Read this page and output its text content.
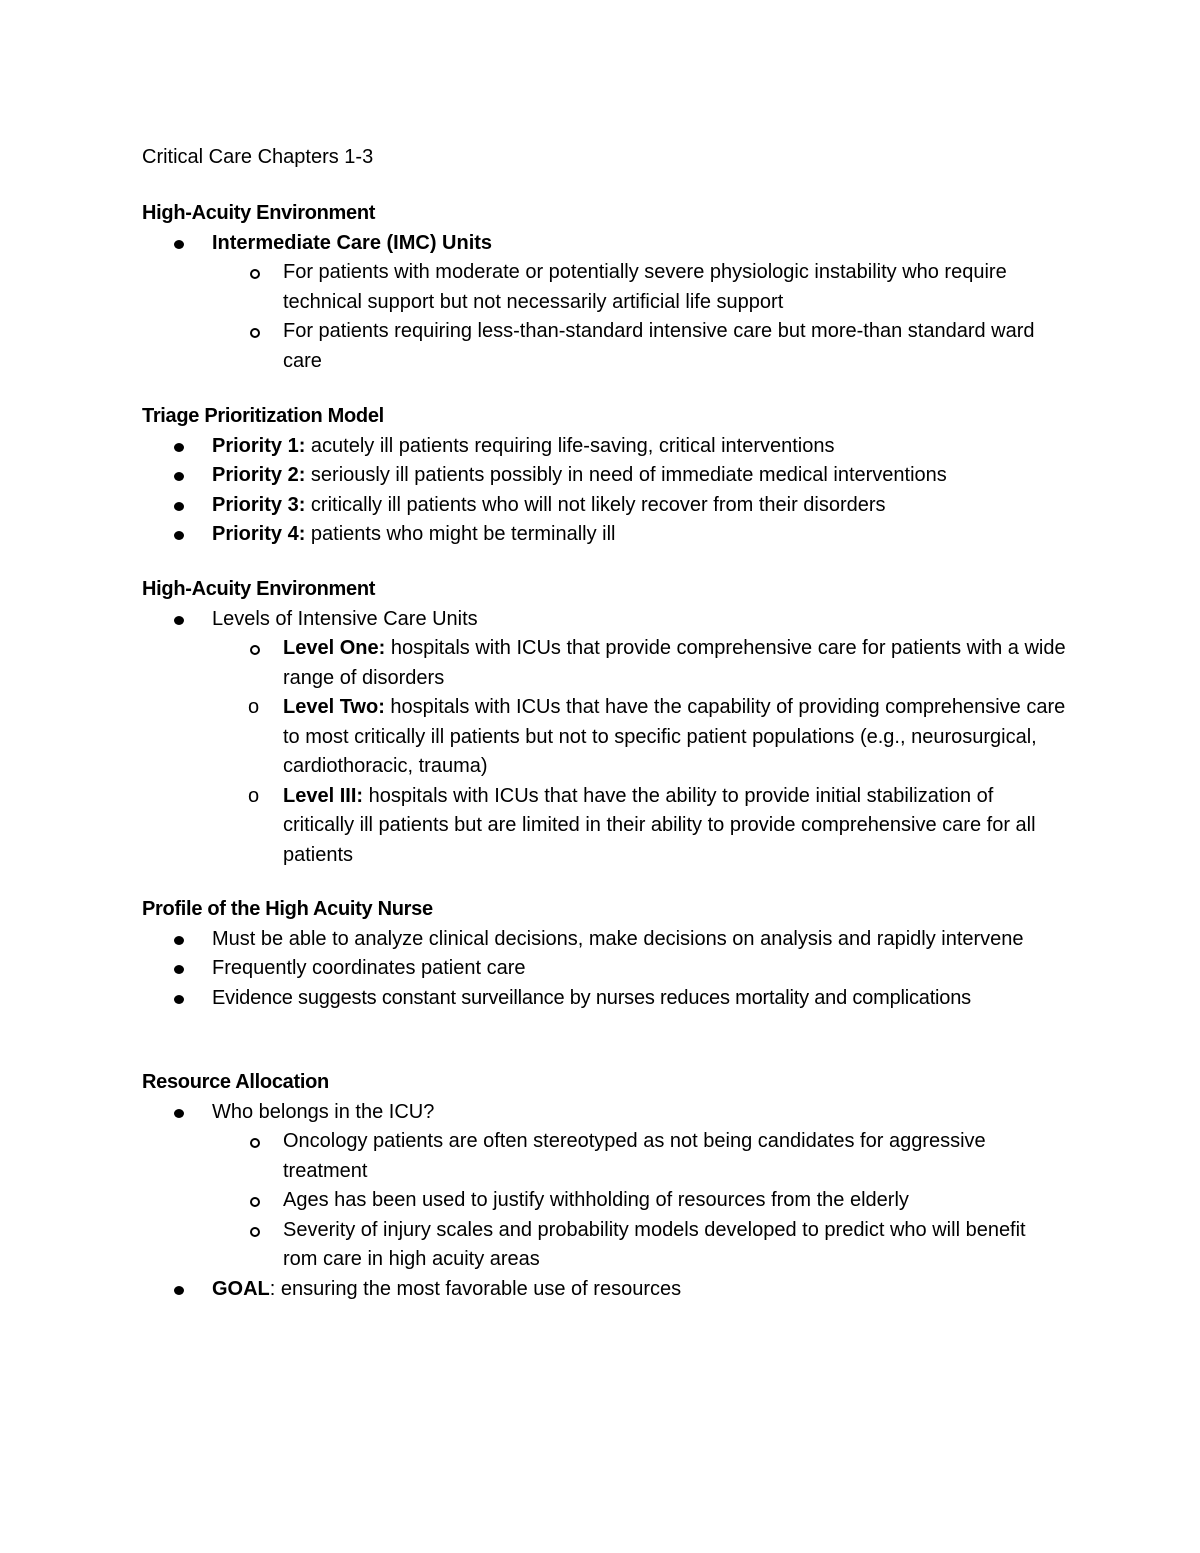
Critical Care Chapters 1-3

High-Acuity Environment
Intermediate Care (IMC) Units
For patients with moderate or potentially severe physiologic instability who require technical support but not necessarily artificial life support
For patients requiring less-than-standard intensive care but more-than standard ward care
Triage Prioritization Model
Priority 1: acutely ill patients requiring life-saving, critical interventions
Priority 2: seriously ill patients possibly in need of immediate medical interventions
Priority 3: critically ill patients who will not likely recover from their disorders
Priority 4: patients who might be terminally ill
High-Acuity Environment
Levels of Intensive Care Units
Level One: hospitals with ICUs that provide comprehensive care for patients with a wide range of disorders
o Level Two: hospitals with ICUs that have the capability of providing comprehensive care to most critically ill patients but not to specific patient populations (e.g., neurosurgical, cardiothoracic, trauma)
o Level III: hospitals with ICUs that have the ability to provide initial stabilization of critically ill patients but are limited in their ability to provide comprehensive care for all patients
Profile of the High Acuity Nurse
Must be able to analyze clinical decisions, make decisions on analysis and rapidly intervene
Frequently coordinates patient care
Evidence suggests constant surveillance by nurses reduces mortality and complications
Resource Allocation
Who belongs in the ICU?
Oncology patients are often stereotyped as not being candidates for aggressive treatment
Ages has been used to justify withholding of resources from the elderly
Severity of injury scales and probability models developed to predict who will benefit rom care in high acuity areas
GOAL: ensuring the most favorable use of resources
